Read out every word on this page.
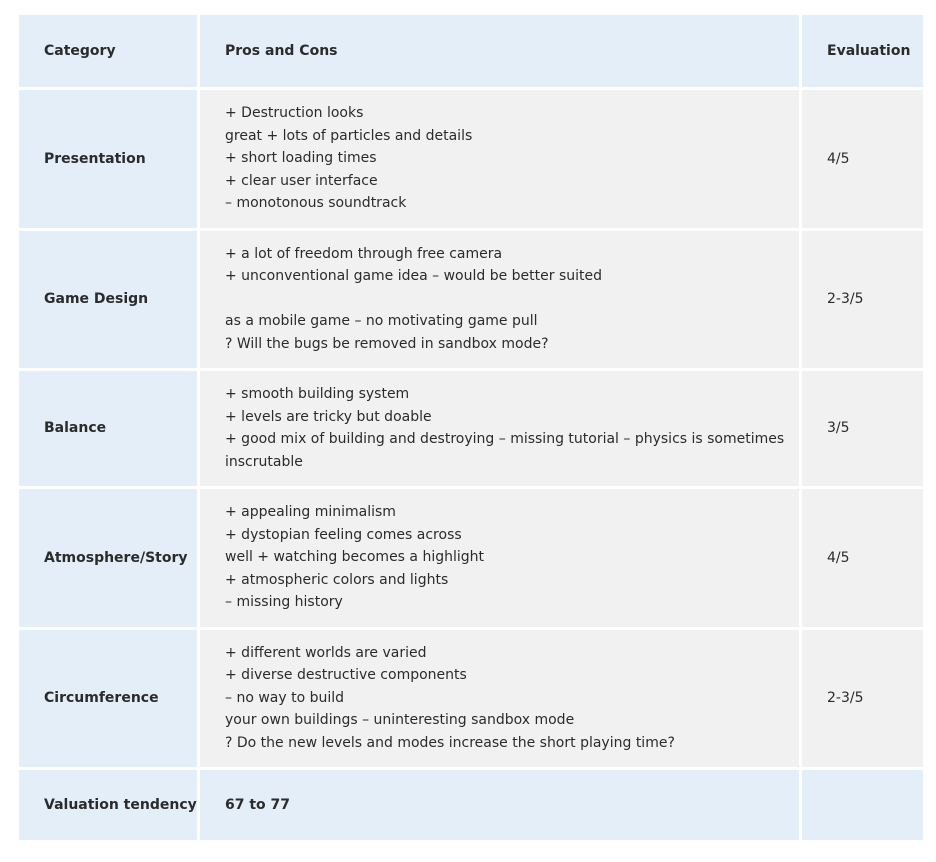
Category	Pros and Cons	Evaluation
Presentation	+ Destruction looks
great + lots of particles and details
+ short loading times
+ clear user interface
– monotonous soundtrack	4/5
Game Design	+ a lot of freedom through free camera
+ unconventional game idea – would be better suited
as a mobile game – no motivating game pull
? Will the bugs be removed in sandbox mode?	2-3/5
Balance	+ smooth building system
+ levels are tricky but doable
+ good mix of building and destroying – missing tutorial – physics is sometimes inscrutable	3/5
Atmosphere/Story	+ appealing minimalism
+ dystopian feeling comes across
well + watching becomes a highlight
+ atmospheric colors and lights
– missing history	4/5
Circumference	+ different worlds are varied
+ diverse destructive components
– no way to build
your own buildings – uninteresting sandbox mode
? Do the new levels and modes increase the short playing time?	2-3/5
Valuation tendency	67 to 77	
